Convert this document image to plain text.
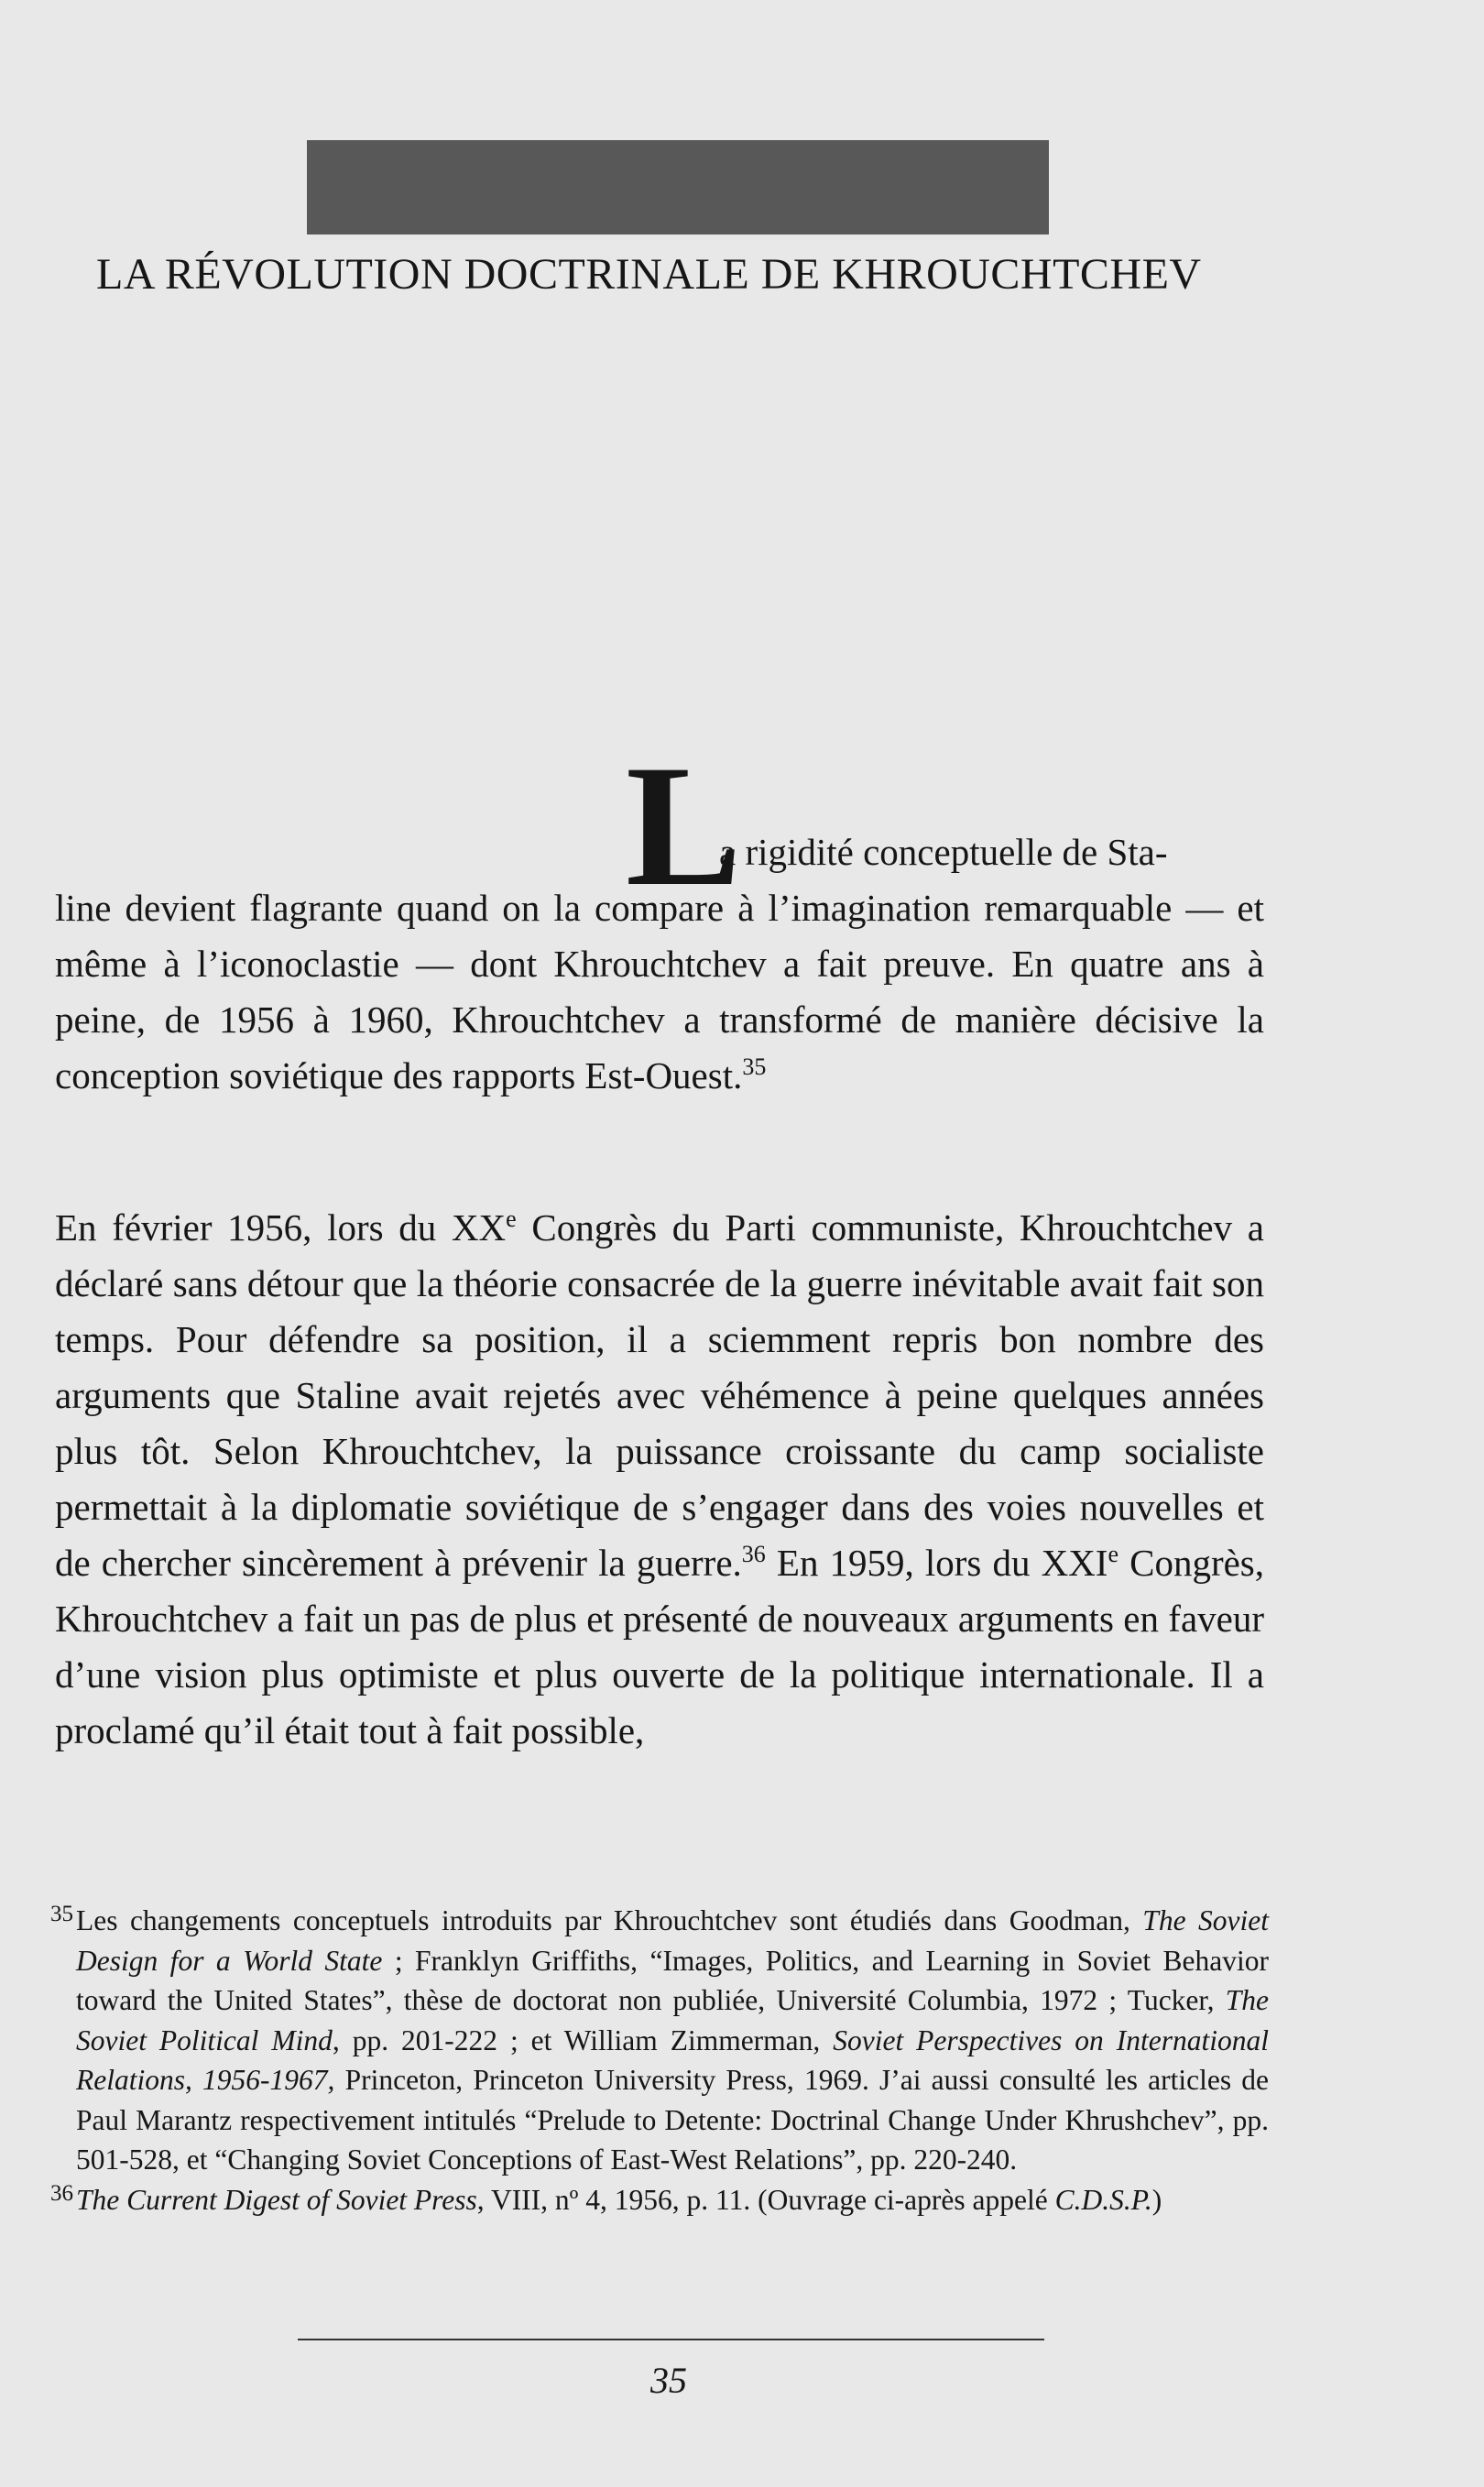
LA RÉVOLUTION DOCTRINALE DE KHROUCHTCHEV
L
a rigidité conceptuelle de Sta-
line devient flagrante quand on la compare à l’imagination remarquable — et même à l’iconoclastie — dont Khrouchtchev a fait preuve. En quatre ans à peine, de 1956 à 1960, Khrouchtchev a transformé de manière décisive la conception soviétique des rapports Est-Ouest.$^{35}$
En février 1956, lors du XXe Congrès du Parti communiste, Khrouchtchev a déclaré sans détour que la théorie consacrée de la guerre inévitable avait fait son temps. Pour défendre sa position, il a sciemment repris bon nombre des arguments que Staline avait rejetés avec véhémence à peine quelques années plus tôt. Selon Khrouchtchev, la puissance croissante du camp socialiste permettait à la diplomatie soviétique de s’engager dans des voies nouvelles et de chercher sincèrement à prévenir la guerre.$^{36}$ En 1959, lors du XXIe Congrès, Khrouchtchev a fait un pas de plus et présenté de nouveaux arguments en faveur d’une vision plus optimiste et plus ouverte de la politique internationale. Il a proclamé qu’il était tout à fait possible,
35 Les changements conceptuels introduits par Khrouchtchev sont étudiés dans Goodman, The Soviet Design for a World State ; Franklyn Griffiths, “Images, Politics, and Learning in Soviet Behavior toward the United States”, thèse de doctorat non publiée, Université Columbia, 1972 ; Tucker, The Soviet Political Mind, pp. 201-222 ; et William Zimmerman, Soviet Perspectives on International Relations, 1956-1967, Princeton, Princeton University Press, 1969. J’ai aussi consulté les articles de Paul Marantz respectivement intitulés “Prelude to Detente: Doctrinal Change Under Khrushchev”, pp. 501-528, et “Changing Soviet Conceptions of East-West Relations”, pp. 220-240.
36 The Current Digest of Soviet Press, VIII, nº 4, 1956, p. 11. (Ouvrage ci-après appelé C.D.S.P.)
35
